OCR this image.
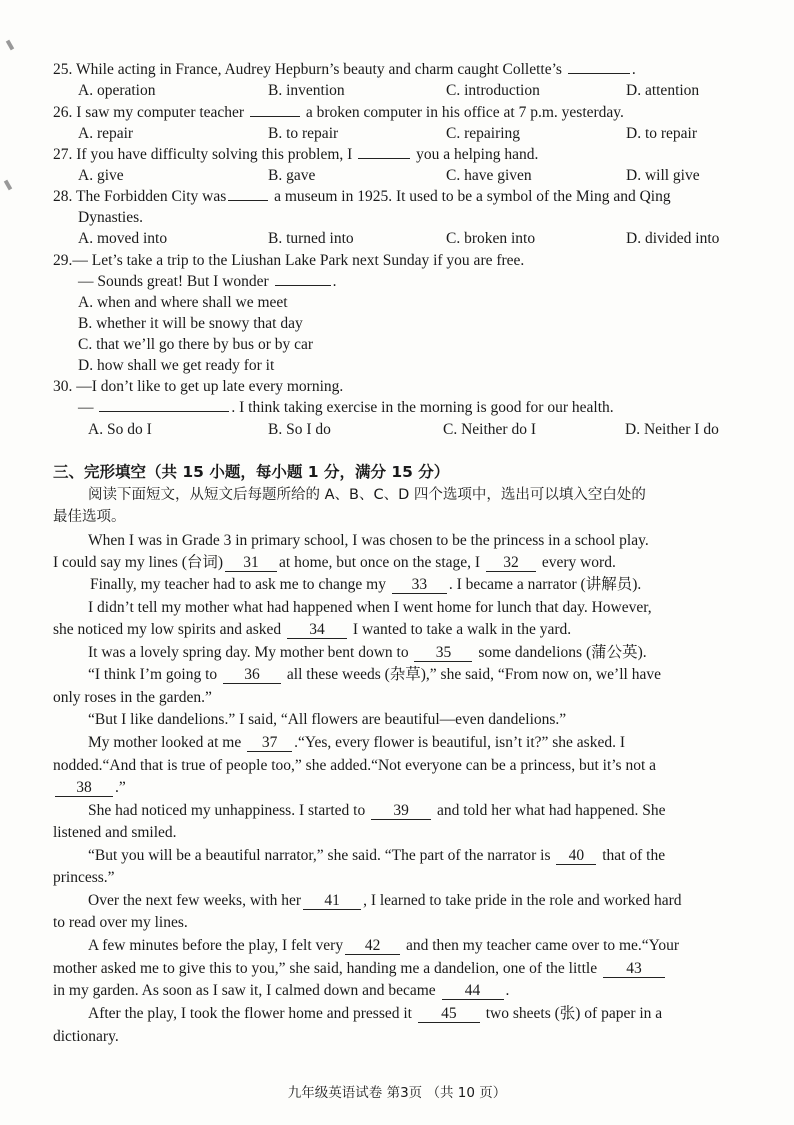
25. While acting in France, Audrey Hepburn’s beauty and charm caught Collette’s	.
A. operation	B. invention	C. introduction	D. attention
26. I saw my computer teacher	a broken computer in his office at 7 p.m. yesterday.
A. repair	B. to repair	C. repairing	D. to repair
27. If you have difficulty solving this problem, I	you a helping hand.
A. give	B. gave	C. have given	D. will give
28. The Forbidden City was	a museum in 1925. It used to be a symbol of the Ming and Qing
Dynasties.
A. moved into	B. turned into	C. broken into	D. divided into
29.— Let’s take a trip to the Liushan Lake Park next Sunday if you are free.
— Sounds great! But I wonder	.
A. when and where shall we meet
B. whether it will be snowy that day
C. that we’ll go there by bus or by car
D. how shall we get ready for it
30. —I don’t like to get up late every morning.
—	. I think taking exercise in the morning is good for our health.
A. So do I	B. So I do	C. Neither do I	D. Neither I do
三、完形填空（共 15 小题，每小题 1 分，满分 15 分）
阅读下面短文，从短文后每题所给的 A、B、C、D 四个选项中，选出可以填入空白处的
最佳选项。
When I was in Grade 3 in primary school, I was chosen to be the princess in a school play.
I could say my lines (台词) 31 at home, but once on the stage, I 32 every word.
Finally, my teacher had to ask me to change my 33 . I became a narrator (讲解员).
I didn’t tell my mother what had happened when I went home for lunch that day. However,
she noticed my low spirits and asked 34 I wanted to take a walk in the yard.
It was a lovely spring day. My mother bent down to 35 some dandelions (蒲公英).
“I think I’m going to 36 all these weeds (杂草),” she said, “From now on, we’ll have
only roses in the garden.”
“But I like dandelions.” I said, “All flowers are beautiful—even dandelions.”
My mother looked at me 37 .“Yes, every flower is beautiful, isn’t it?” she asked. I
nodded.“And that is true of people too,” she added.“Not everyone can be a princess, but it’s not a
38 .”
She had noticed my unhappiness. I started to 39 and told her what had happened. She
listened and smiled.
“But you will be a beautiful narrator,” she said. “The part of the narrator is 40 that of the
princess.”
Over the next few weeks, with her 41 , I learned to take pride in the role and worked hard
to read over my lines.
A few minutes before the play, I felt very 42 and then my teacher came over to me.“Your
mother asked me to give this to you,” she said, handing me a dandelion, one of the little 43
in my garden. As soon as I saw it, I calmed down and became 44 .
After the play, I took the flower home and pressed it 45 two sheets (张) of paper in a
dictionary.
九年级英语试卷 第3页 （共 10 页）
